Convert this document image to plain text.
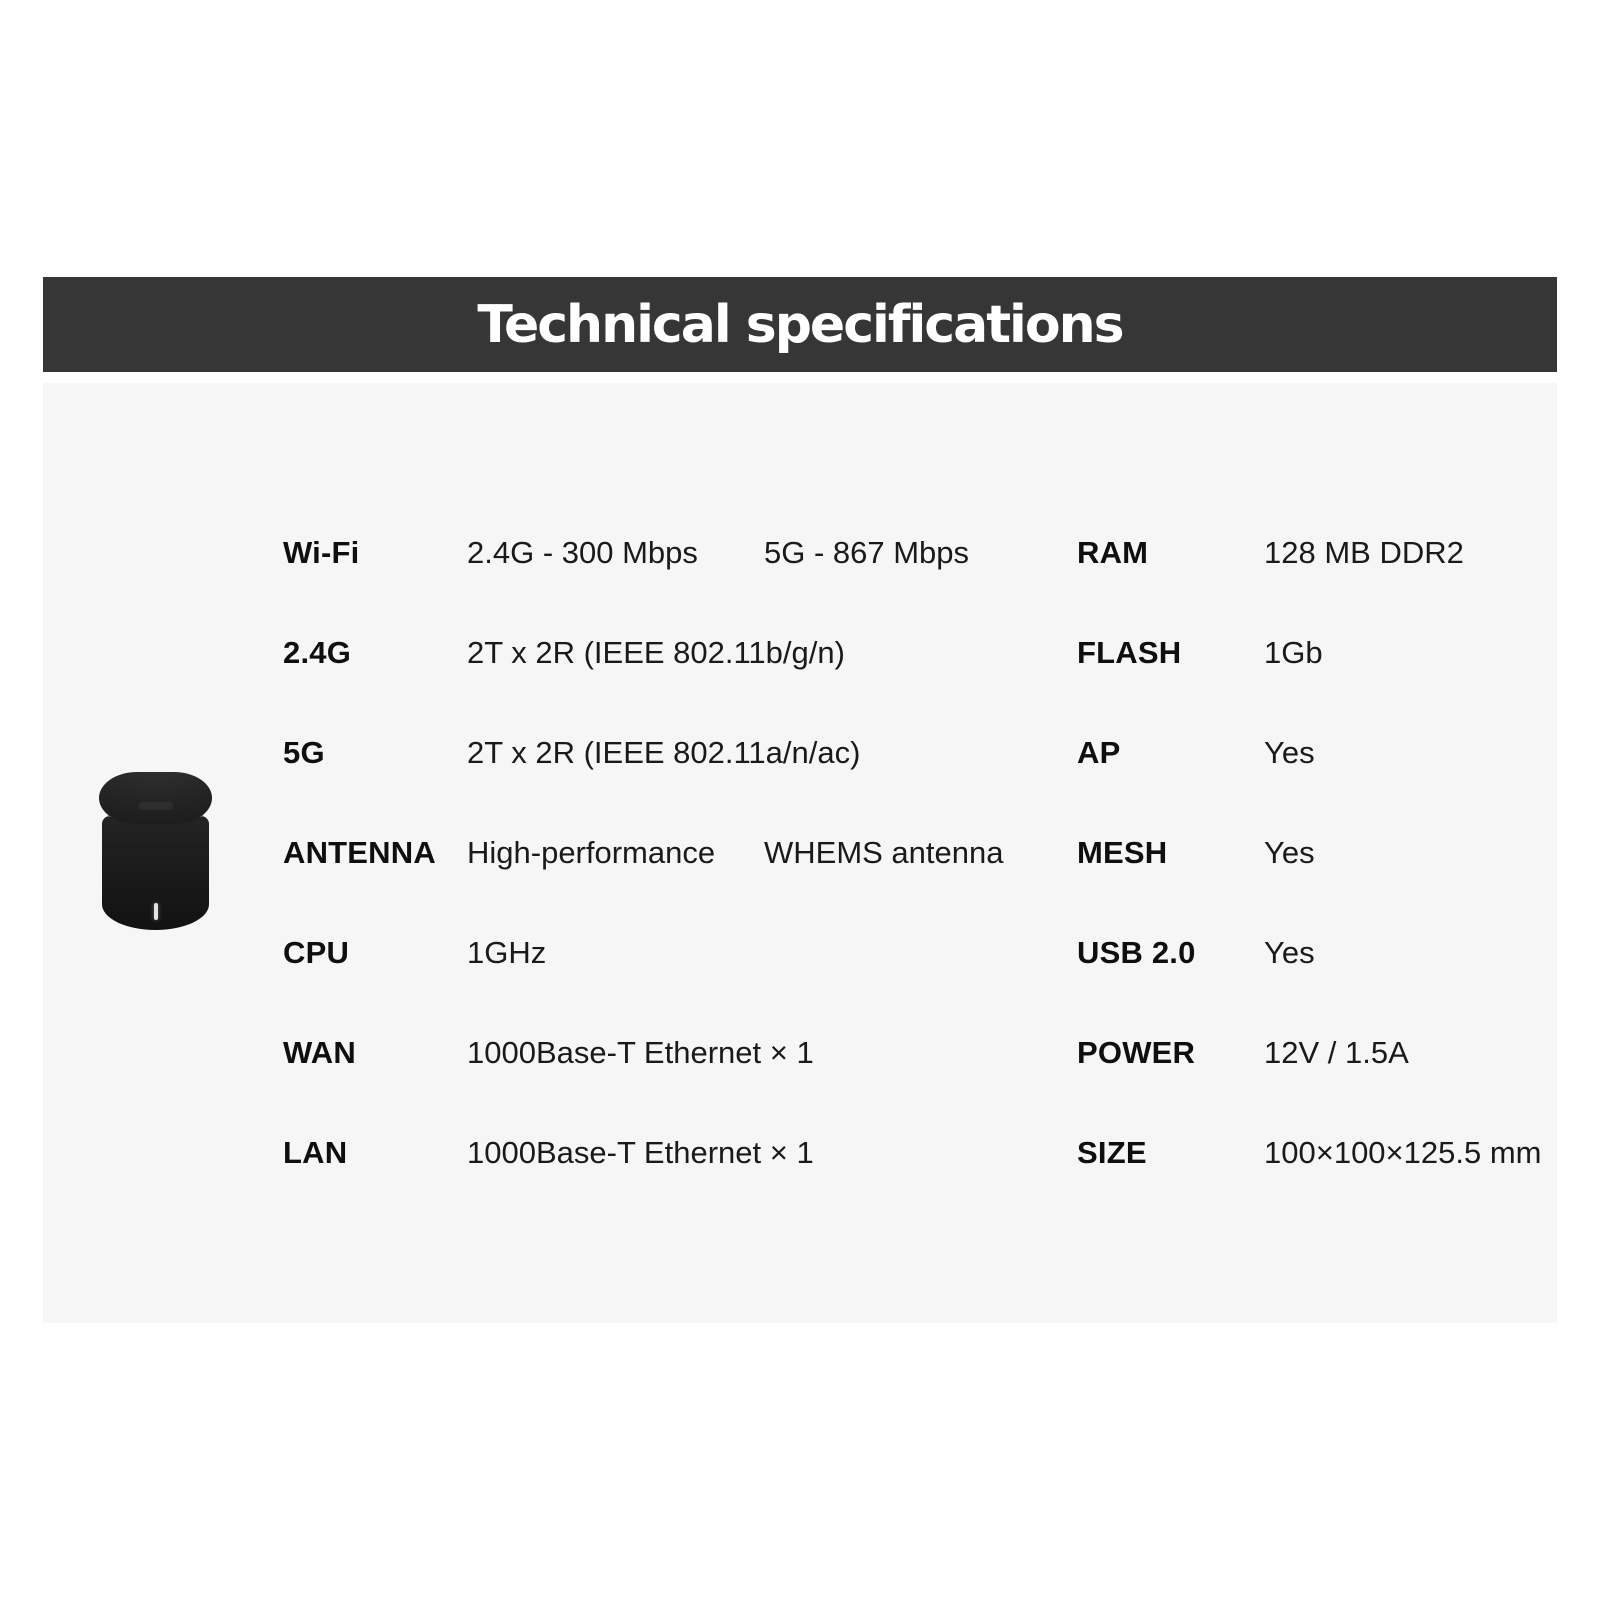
Technical specifications
Wi-Fi	2.4G - 300 Mbps	5G - 867 Mbps
2.4G	2T x 2R (IEEE 802.11b/g/n)
5G	2T x 2R (IEEE 802.11a/n/ac)
ANTENNA	High-performance	WHEMS antenna
CPU	1GHz
WAN	1000Base-T Ethernet × 1
LAN	1000Base-T Ethernet × 1
RAM	128 MB DDR2
FLASH	1Gb
AP	Yes
MESH	Yes
USB 2.0	Yes
POWER	12V / 1.5A
SIZE	100×100×125.5 mm
